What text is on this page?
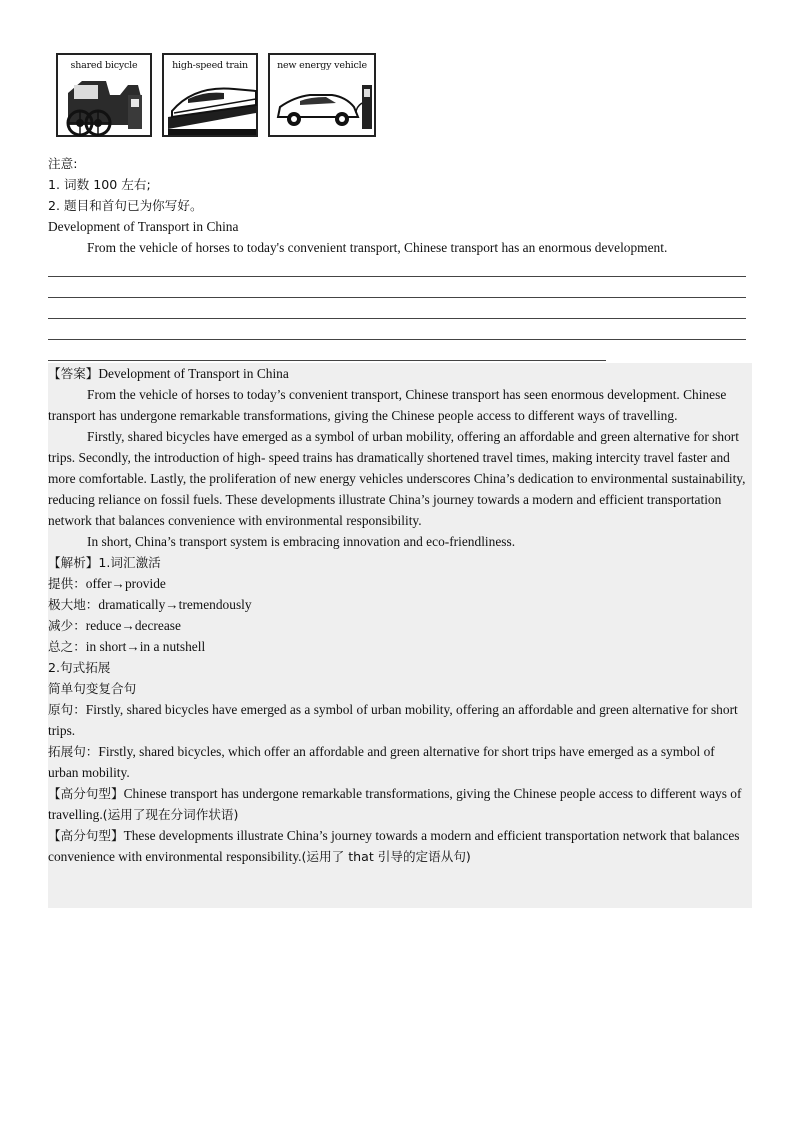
shared bicycle	high-speed train	new energy vehicle
注意:
1. 词数 100 左右;
2. 题目和首句已为你写好。
Development of Transport in China
From the vehicle of horses to today's convenient transport, Chinese transport has an enormous development.

【答案】Development of Transport in China

From the vehicle of horses to today’s convenient transport, Chinese transport has seen enormous development. Chinese transport has undergone remarkable transformations, giving the Chinese people access to different ways of travelling.

Firstly, shared bicycles have emerged as a symbol of urban mobility, offering an affordable and green alternative for short trips. Secondly, the introduction of high- speed trains has dramatically shortened travel times, making intercity travel faster and more comfortable. Lastly, the proliferation of new energy vehicles underscores China’s dedication to environmental sustainability, reducing reliance on fossil fuels. These developments illustrate China’s journey towards a modern and efficient transportation network that balances convenience with environmental responsibility.

In short, China’s transport system is embracing innovation and eco-friendliness.

【解析】1.词汇激活

提供：offer→provide

极大地：dramatically→tremendously

减少：reduce→decrease

总之：in short→in a nutshell

2.句式拓展

简单句变复合句

原句：Firstly, shared bicycles have emerged as a symbol of urban mobility, offering an affordable and green alternative for short trips.

拓展句：Firstly, shared bicycles, which offer an affordable and green alternative for short trips have emerged as a symbol of urban mobility.

【高分句型】Chinese transport has undergone remarkable transformations, giving the Chinese people access to different ways of travelling.(运用了现在分词作状语)

【高分句型】These developments illustrate China’s journey towards a modern and efficient transportation network that balances convenience with environmental responsibility.(运用了 that 引导的定语从句)
